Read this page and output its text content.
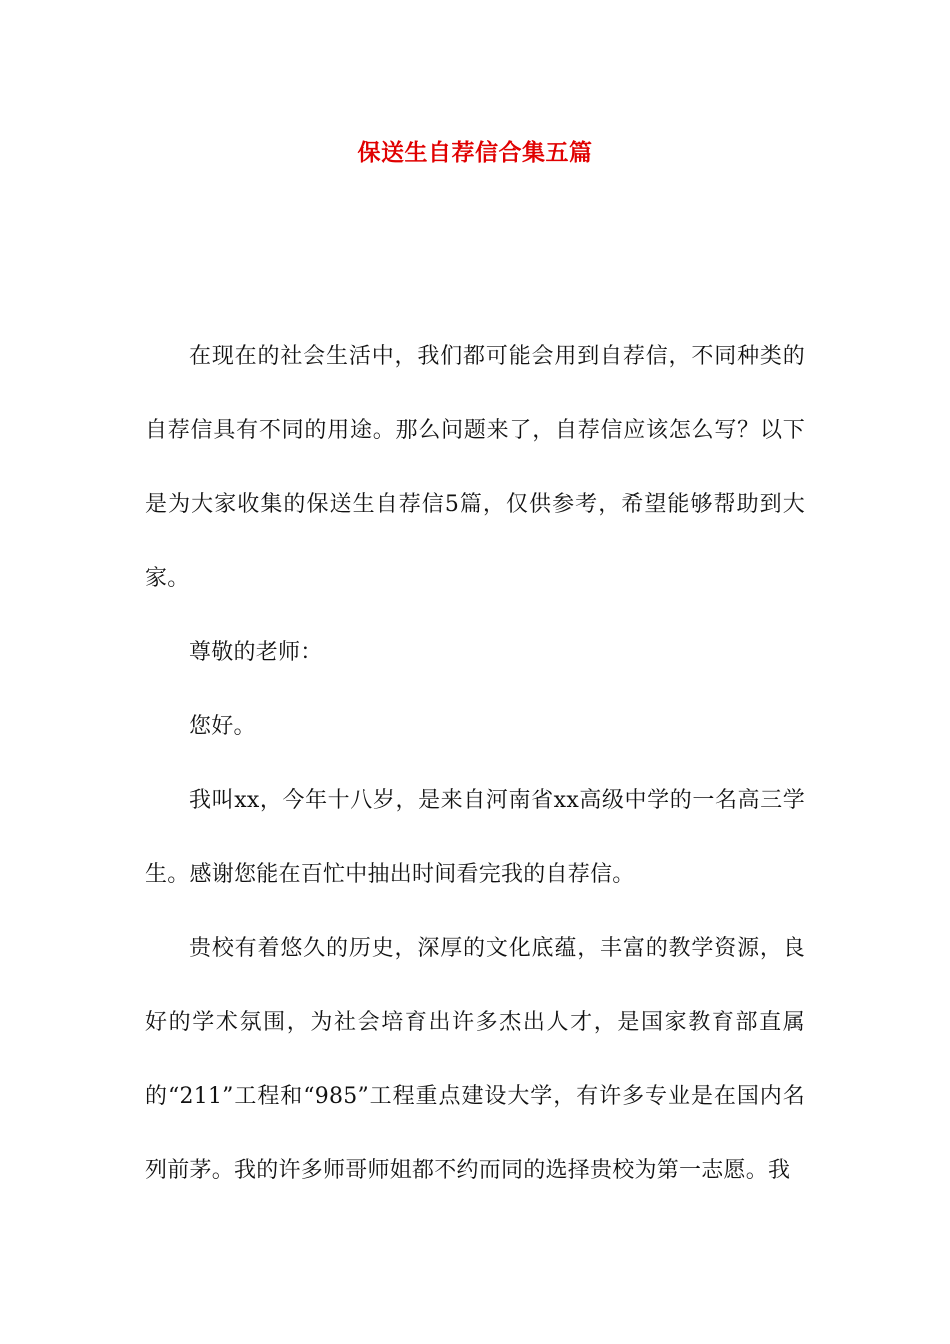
保送生自荐信合集五篇

在现在的社会生活中，我们都可能会用到自荐信，不同种类的自荐信具有不同的用途。那么问题来了，自荐信应该怎么写？以下是为大家收集的保送生自荐信5篇，仅供参考，希望能够帮助到大家。

尊敬的老师：

您好。

我叫xx，今年十八岁，是来自河南省xx高级中学的一名高三学生。感谢您能在百忙中抽出时间看完我的自荐信。

贵校有着悠久的历史，深厚的文化底蕴，丰富的教学资源，良好的学术氛围，为社会培育出许多杰出人才，是国家教育部直属的“211”工程和“985”工程重点建设大学，有许多专业是在国内名列前茅。我的许多师哥师姐都不约而同的选择贵校为第一志愿。我
